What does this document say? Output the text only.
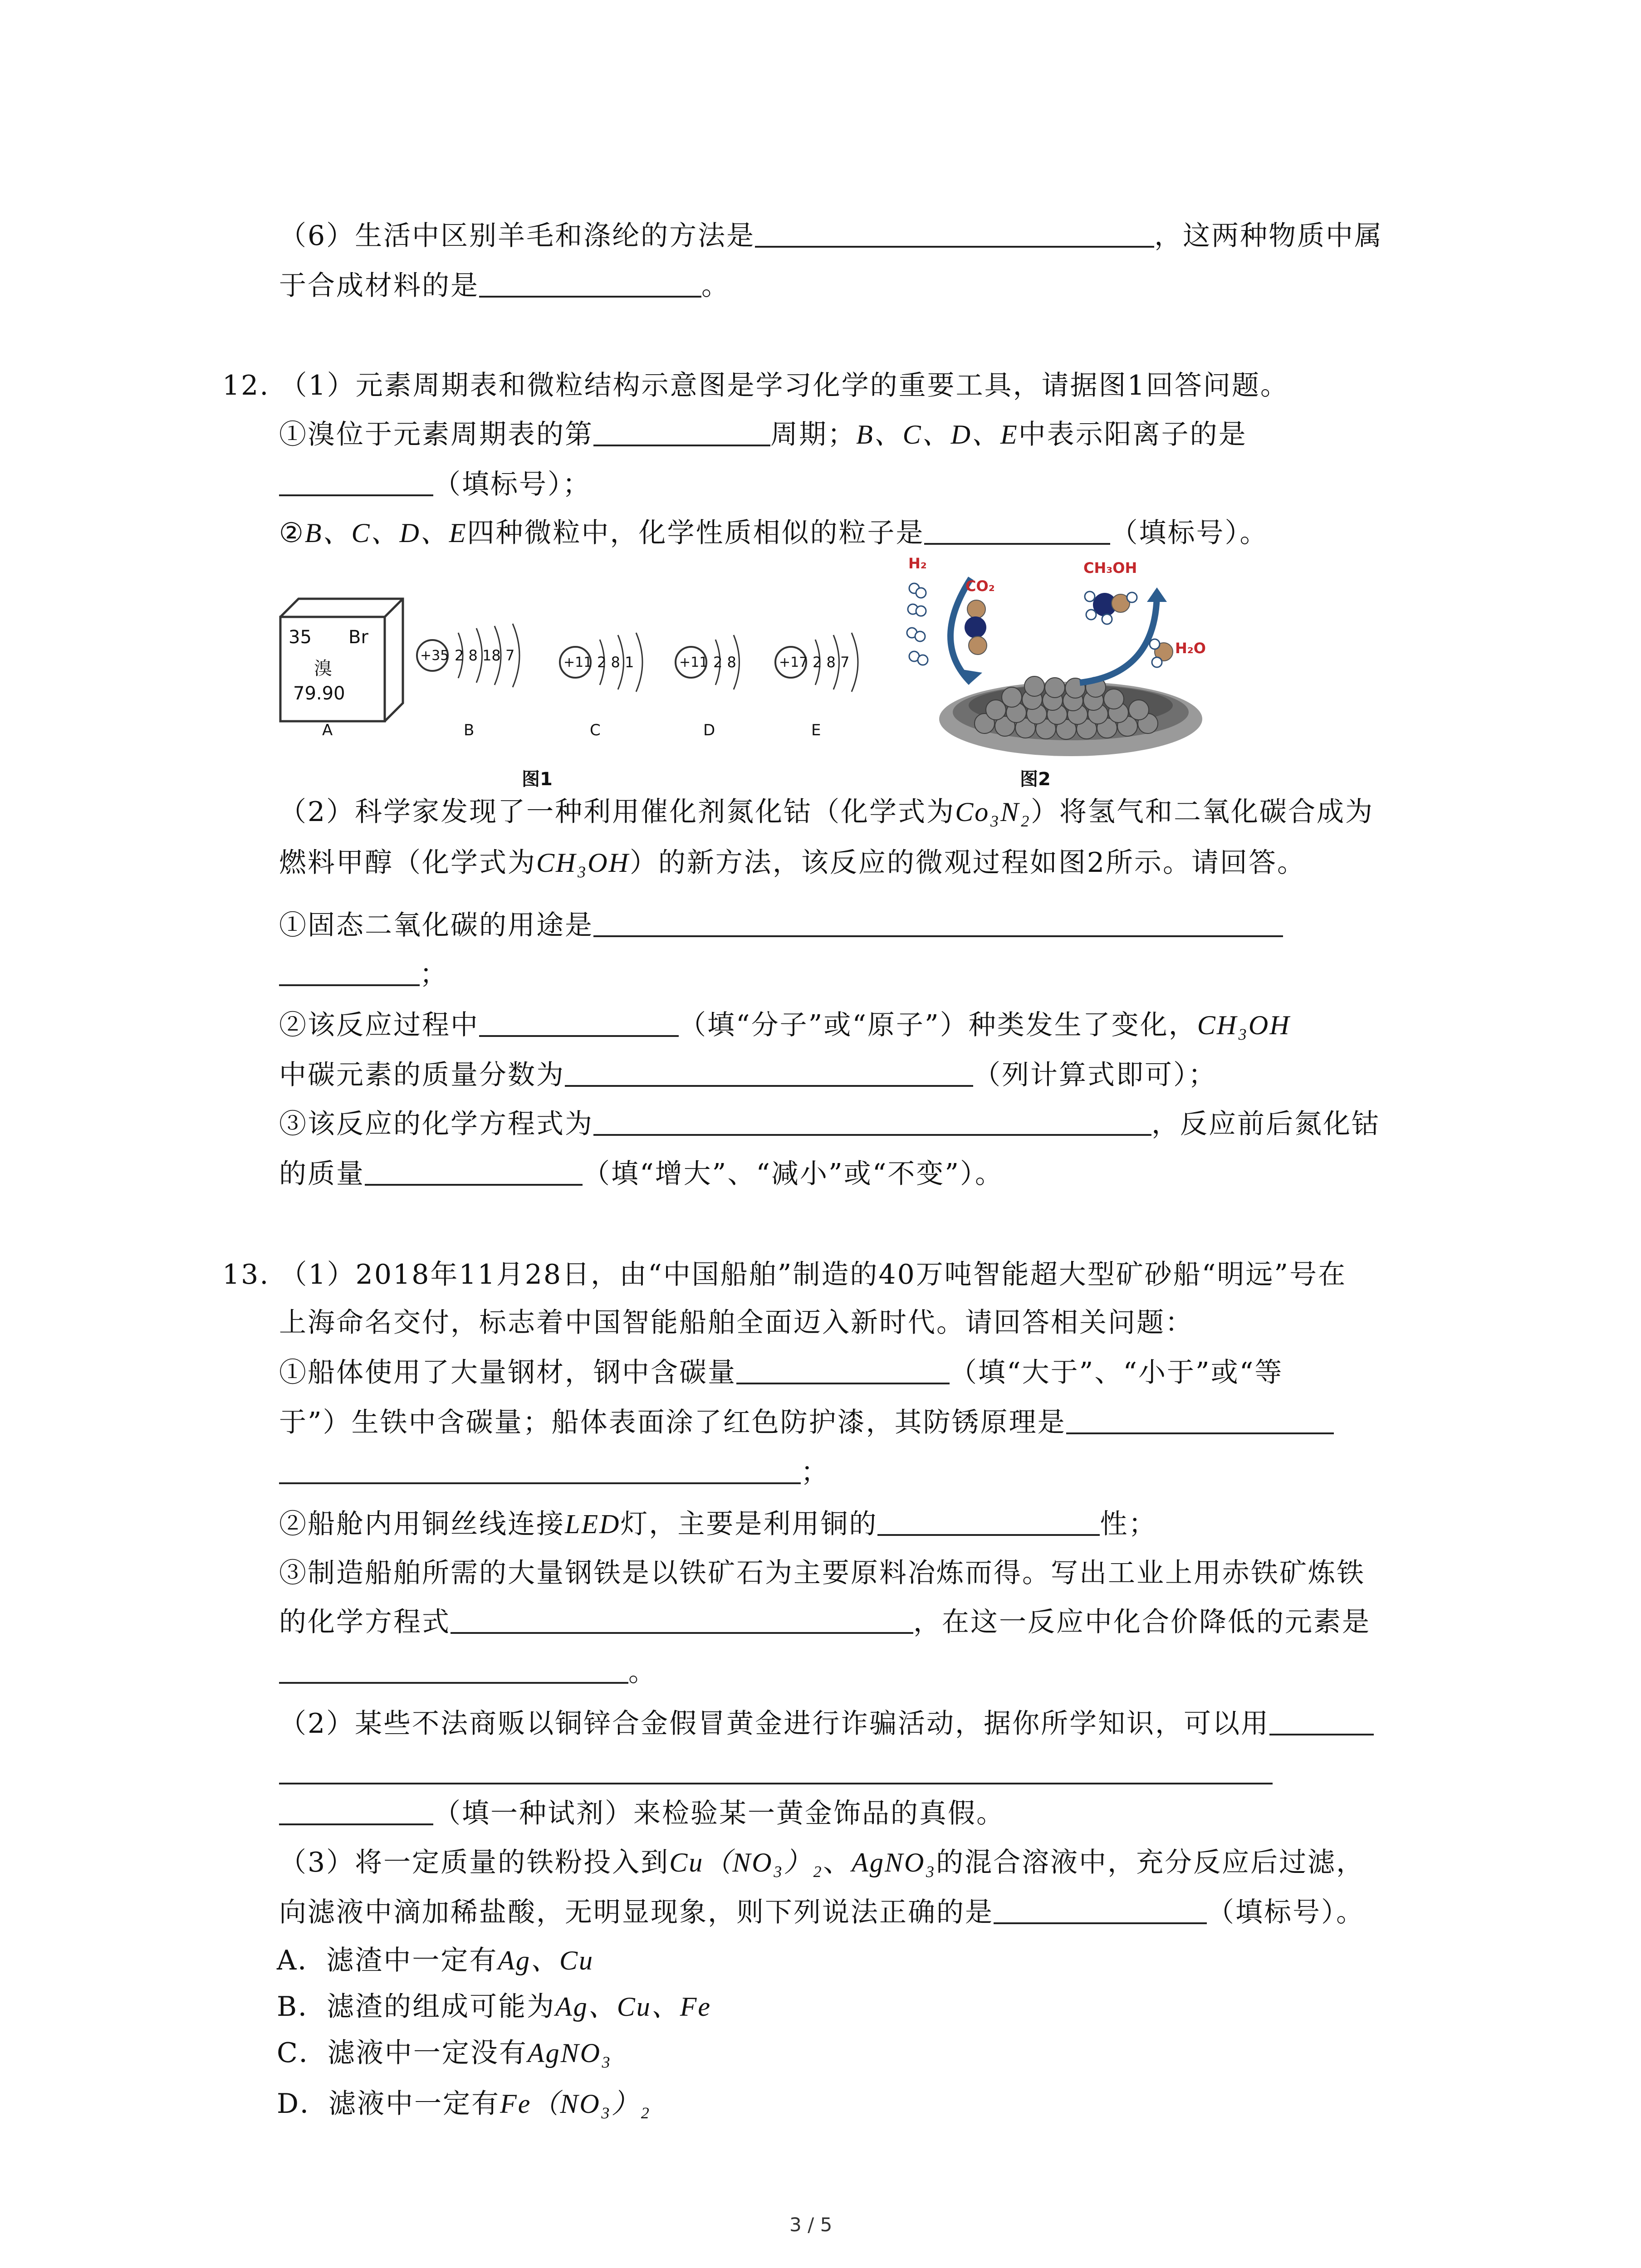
（6）生活中区别羊毛和涤纶的方法是	，这两种物质中属
于合成材料的是	。
12. （1）元素周期表和微粒结构示意图是学习化学的重要工具，请据图1回答问题。
①溴位于元素周期表的第	周期；B、C、D、E中表示阳离子的是
（填标号）；
②B、C、D、E四种微粒中，化学性质相似的粒子是	（填标号）。
35 Br
溴
79.90
+35 2 8 18 7	+11 2 8 1	+11 2 8	+17 2 8 7
A	B	C	D	E
图1
H₂
CO₂
CH₃OH
H₂O
图2
（2）科学家发现了一种利用催化剂氮化钴（化学式为Co₃N₂）将氢气和二氧化碳合成为
燃料甲醇（化学式为CH₃OH）的新方法，该反应的微观过程如图2所示。请回答。
①固态二氧化碳的用途是
；
②该反应过程中	（填“分子”或“原子”）种类发生了变化，CH₃OH
中碳元素的质量分数为	（列计算式即可）；
③该反应的化学方程式为	，反应前后氮化钴
的质量	（填“增大”、“减小”或“不变”）。
13. （1）2018年11月28日，由“中国船舶”制造的40万吨智能超大型矿砂船“明远”号在
上海命名交付，标志着中国智能船舶全面迈入新时代。请回答相关问题：
①船体使用了大量钢材，钢中含碳量	（填“大于”、“小于”或“等
于”）生铁中含碳量；船体表面涂了红色防护漆，其防锈原理是
；
②船舱内用铜丝线连接LED灯，主要是利用铜的	性；
③制造船舶所需的大量钢铁是以铁矿石为主要原料冶炼而得。写出工业上用赤铁矿炼铁
的化学方程式	，在这一反应中化合价降低的元素是
。
（2）某些不法商贩以铜锌合金假冒黄金进行诈骗活动，据你所学知识，可以用
（填一种试剂）来检验某一黄金饰品的真假。
（3）将一定质量的铁粉投入到Cu（NO₃）₂、AgNO₃的混合溶液中，充分反应后过滤，
向滤液中滴加稀盐酸，无明显现象，则下列说法正确的是	（填标号）。
A．滤渣中一定有Ag、Cu
B．滤渣的组成可能为Ag、Cu、Fe
C．滤液中一定没有AgNO₃
D．滤液中一定有Fe（NO₃）₂
3 / 5
